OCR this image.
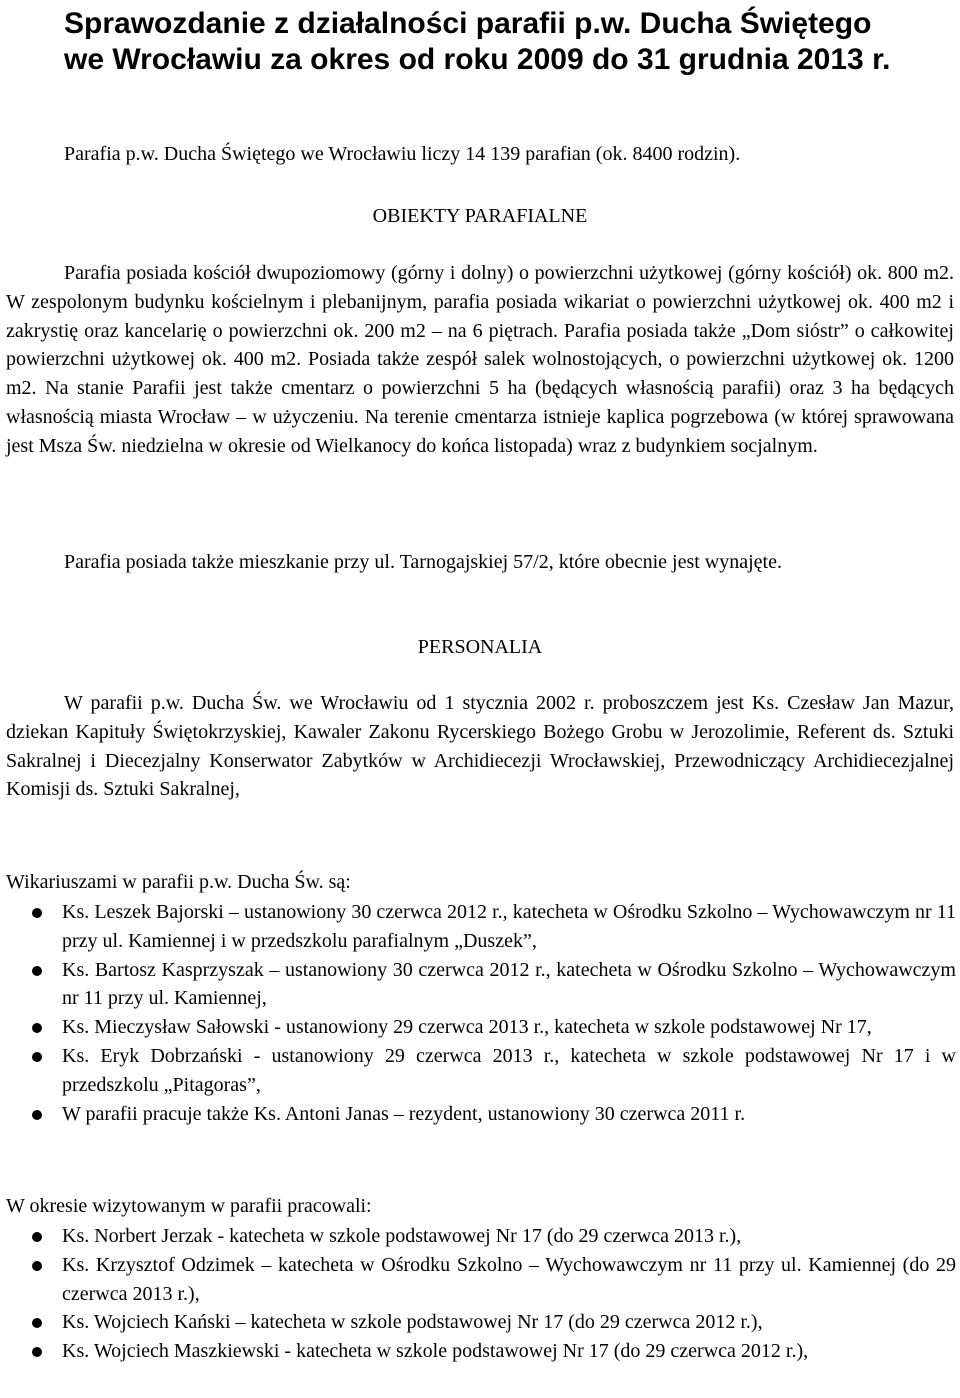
Sprawozdanie z działalności parafii p.w. Ducha Świętego
we Wrocławiu za okres od roku 2009 do 31 grudnia 2013 r.

Parafia p.w. Ducha Świętego we Wrocławiu liczy 14 139 parafian (ok. 8400 rodzin).

OBIEKTY PARAFIALNE

Parafia posiada kościół dwupoziomowy (górny i dolny) o powierzchni użytkowej (górny kościół) ok. 800 m2. W zespolonym budynku kościelnym i plebanijnym, parafia posiada wikariat o powierzchni użytkowej ok. 400 m2 i zakrystię oraz kancelarię o powierzchni ok. 200 m2 – na 6 piętrach. Parafia posiada także „Dom sióstr” o całkowitej powierzchni użytkowej ok. 400 m2. Posiada także zespół salek wolnostojących, o powierzchni użytkowej ok. 1200 m2. Na stanie Parafii jest także cmentarz o powierzchni 5 ha (będących własnością parafii) oraz 3 ha będących własnością miasta Wrocław – w użyczeniu. Na terenie cmentarza istnieje kaplica pogrzebowa (w której sprawowana jest Msza Św. niedzielna w okresie od Wielkanocy do końca listopada) wraz z budynkiem socjalnym.

Parafia posiada także mieszkanie przy ul. Tarnogajskiej 57/2, które obecnie jest wynajęte.

PERSONALIA

W parafii p.w. Ducha Św. we Wrocławiu od 1 stycznia 2002 r. proboszczem jest Ks. Czesław Jan Mazur, dziekan Kapituły Świętokrzyskiej, Kawaler Zakonu Rycerskiego Bożego Grobu w Jerozolimie, Referent ds. Sztuki Sakralnej i Diecezjalny Konserwator Zabytków w Archidiecezji Wrocławskiej, Przewodniczący Archidiecezjalnej Komisji ds. Sztuki Sakralnej,

Wikariuszami w parafii p.w. Ducha Św. są:

Ks. Leszek Bajorski – ustanowiony 30 czerwca 2012 r., katecheta w Ośrodku Szkolno – Wychowawczym nr 11 przy ul. Kamiennej i w przedszkolu parafialnym „Duszek”,
Ks. Bartosz Kasprzyszak – ustanowiony 30 czerwca 2012 r., katecheta w Ośrodku Szkolno – Wychowawczym nr 11 przy ul. Kamiennej,
Ks. Mieczysław Sałowski - ustanowiony 29 czerwca 2013 r., katecheta w szkole podstawowej Nr 17,
Ks. Eryk Dobrzański - ustanowiony 29 czerwca 2013 r., katecheta w szkole podstawowej Nr 17 i w przedszkolu „Pitagoras”,
W parafii pracuje także Ks. Antoni Janas – rezydent, ustanowiony 30 czerwca 2011 r.

W okresie wizytowanym w parafii pracowali:

Ks. Norbert Jerzak - katecheta w szkole podstawowej Nr 17 (do 29 czerwca 2013 r.),
Ks. Krzysztof Odzimek – katecheta w Ośrodku Szkolno – Wychowawczym nr 11 przy ul. Kamiennej (do 29 czerwca 2013 r.),
Ks. Wojciech Kański – katecheta w szkole podstawowej Nr 17 (do 29 czerwca 2012 r.),
Ks. Wojciech Maszkiewski - katecheta w szkole podstawowej Nr 17 (do 29 czerwca 2012 r.),
